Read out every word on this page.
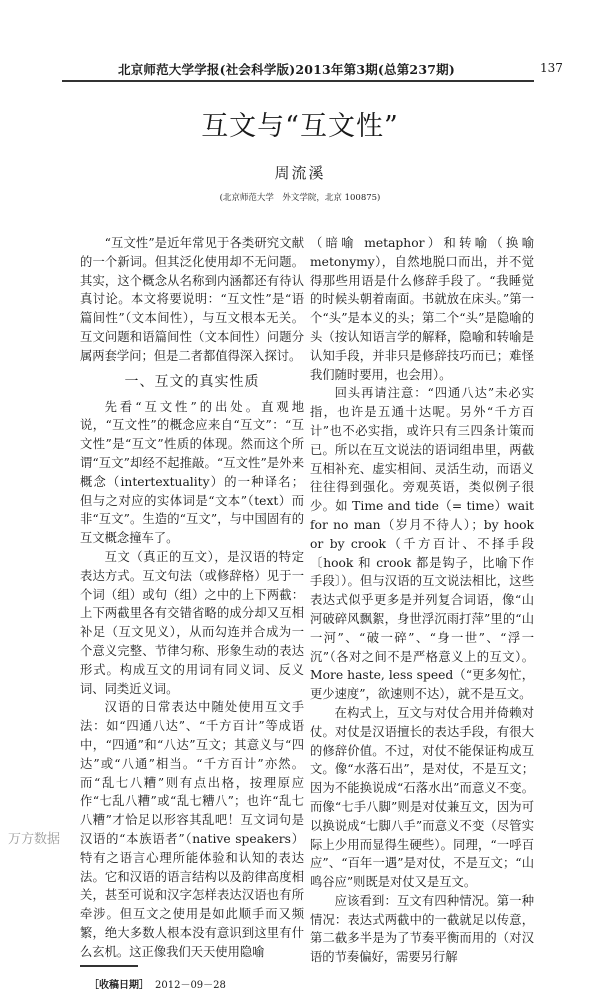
北京师范大学学报(社会科学版)2013年第3期(总第237期)	137
互文与“互文性”
周流溪
(北京师范大学　外文学院，北京 100875)

“互文性”是近年常见于各类研究文献的一个新词。但其泛化使用却不无问题。其实，这个概念从名称到内涵都还有待认真讨论。本文将要说明：“互文性”是“语篇间性”（文本间性），与互文根本无关。互文问题和语篇间性（文本间性）问题分属两套学问；但是二者都值得深入探讨。

一、互文的真实性质

先看“互文性”的出处。直观地说，“互文性”的概念应来自“互文”：“互文性”是“互文”性质的体现。然而这个所谓“互文”却经不起推敲。“互文性”是外来概念（intertextuality）的一种译名；但与之对应的实体词是“文本”（text）而非“互文”。生造的“互文”，与中国固有的互文概念撞车了。

互文（真正的互文），是汉语的特定表达方式。互文句法（或修辞格）见于一个词（组）或句（组）之中的上下两截：上下两截里各有交错省略的成分却又互相补足（互文见义），从而勾连并合成为一个意义完整、节律匀称、形象生动的表达形式。构成互文的用词有同义词、反义词、同类近义词。

汉语的日常表达中随处使用互文手法：如“四通八达”、“千方百计”等成语中，“四通”和“八达”互文；其意义与“四达”或“八通”相当。“千方百计”亦然。而“乱七八糟”则有点出格，按理原应作“七乱八糟”或“乱七糟八”；也许“乱七八糟”才恰足以形容其乱吧！互文词句是汉语的“本族语者”（native speakers）特有之语言心理所能体验和认知的表达法。它和汉语的语言结构以及韵律高度相关，甚至可说和汉字怎样表达汉语也有所牵涉。但互文之使用是如此顺手而又频繁，绝大多数人根本没有意识到这里有什么玄机。这正像我们天天使用隐喻

［收稿日期］ 2012－09－28

（暗喻 metaphor）和转喻（换喻 metonymy），自然地脱口而出，并不觉得那些用语是什么修辞手段了。“我睡觉的时候头朝着南面。书就放在床头。”第一个“头”是本义的头；第二个“头”是隐喻的头（按认知语言学的解释，隐喻和转喻是认知手段，并非只是修辞技巧而已；难怪我们随时要用，也会用）。

回头再请注意：“四通八达”未必实指，也许是五通十达呢。另外“千方百计”也不必实指，或许只有三四条计策而已。所以在互文说法的语词组串里，两截互相补充、虚实相间、灵活生动，而语义往往得到强化。旁观英语，类似例子很少。如 Time and tide（= time）wait for no man（岁月不待人）；by hook or by crook（千方百计、不择手段〔hook 和 crook 都是钩子，比喻下作手段〕）。但与汉语的互文说法相比，这些表达式似乎更多是并列复合词语，像“山河破碎风飘絮，身世浮沉雨打萍”里的“山一河”、“破一碎”、“身一世”、“浮一沉”（各对之间不是严格意义上的互文）。More haste, less speed（“更多匆忙，更少速度”，欲速则不达），就不是互文。

在构式上，互文与对仗合用并倚赖对仗。对仗是汉语擅长的表达手段，有很大的修辞价值。不过，对仗不能保证构成互文。像“水落石出”，是对仗，不是互文；因为不能换说成“石落水出”而意义不变。而像“七手八脚”则是对仗兼互文，因为可以换说成“七脚八手”而意义不变（尽管实际上少用而显得生硬些）。同理，“一呼百应”、“百年一遇”是对仗，不是互文；“山鸣谷应”则既是对仗又是互文。

应该看到：互文有四种情况。第一种情况：表达式两截中的一截就足以传意，第二截多半是为了节奏平衡而用的（对汉语的节奏偏好，需要另行解

万方数据
